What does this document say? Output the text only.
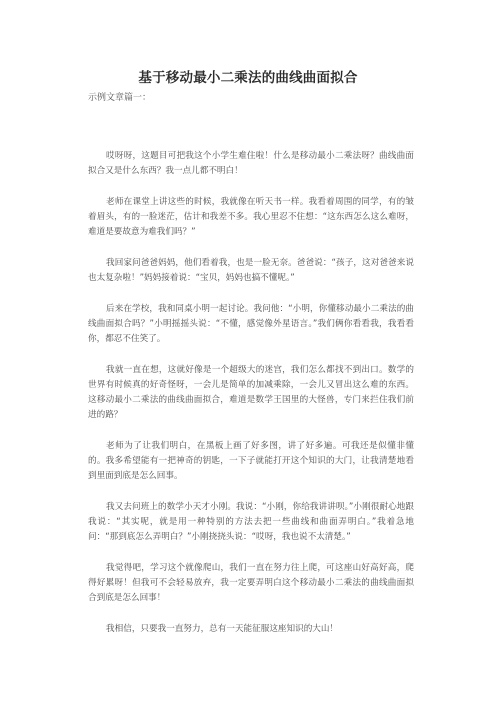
基于移动最小二乘法的曲线曲面拟合
示例文章篇一：

哎呀呀，这题目可把我这个小学生难住啦！什么是移动最小二乘法呀？曲线曲面拟合又是什么东西？我一点儿都不明白！

老师在课堂上讲这些的时候，我就像在听天书一样。我看着周围的同学，有的皱着眉头，有的一脸迷茫，估计和我差不多。我心里忍不住想：“这东西怎么这么难呀，难道是要故意为难我们吗？”

我回家问爸爸妈妈，他们看着我，也是一脸无奈。爸爸说：“孩子，这对爸爸来说也太复杂啦！”妈妈接着说：“宝贝，妈妈也搞不懂呢。”

后来在学校，我和同桌小明一起讨论。我问他：“小明，你懂移动最小二乘法的曲线曲面拟合吗？”小明摇摇头说：“不懂，感觉像外星语言。”我们俩你看看我，我看看你，都忍不住笑了。

我就一直在想，这就好像是一个超级大的迷宫，我们怎么都找不到出口。数学的世界有时候真的好奇怪呀，一会儿是简单的加减乘除，一会儿又冒出这么难的东西。这移动最小二乘法的曲线曲面拟合，难道是数学王国里的大怪兽，专门来拦住我们前进的路？

老师为了让我们明白，在黑板上画了好多图，讲了好多遍。可我还是似懂非懂的。我多希望能有一把神奇的钥匙，一下子就能打开这个知识的大门，让我清楚地看到里面到底是怎么回事。

我又去问班上的数学小天才小刚。我说：“小刚，你给我讲讲呗。”小刚很耐心地跟我说：“其实呢，就是用一种特别的方法去把一些曲线和曲面弄明白。”我着急地问：“那到底怎么弄明白？”小刚挠挠头说：“哎呀，我也说不太清楚。”

我觉得吧，学习这个就像爬山，我们一直在努力往上爬，可这座山好高好高，爬得好累呀！但我可不会轻易放弃，我一定要弄明白这个移动最小二乘法的曲线曲面拟合到底是怎么回事！

我相信，只要我一直努力，总有一天能征服这座知识的大山！
